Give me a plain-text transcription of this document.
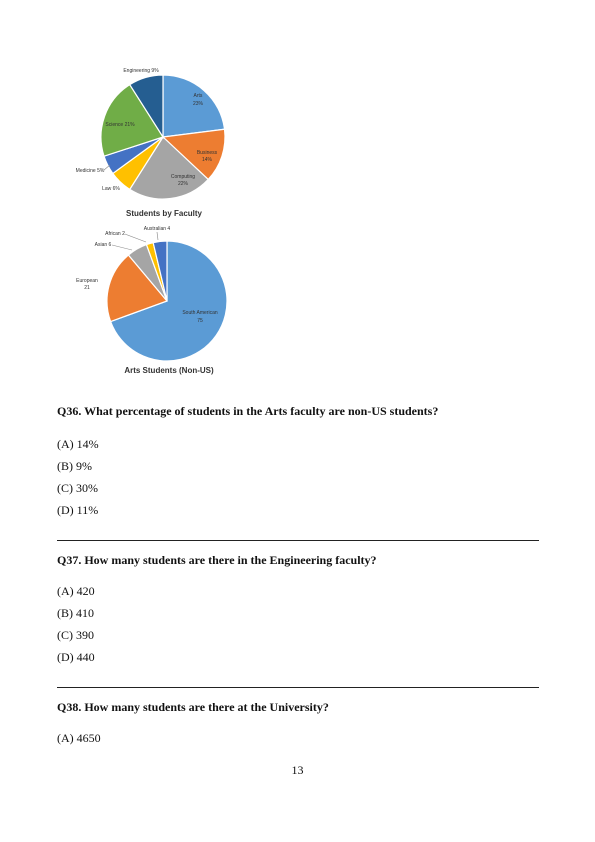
Arts
23%
Business
14%
Computing
22%
Law 6%
Medicine 5%
Science 21%
Engineering 9%
Students by Faculty
South American
75
European
21
Asian 6
African 2
Australian 4
Arts Students (Non-US)
Q36. What percentage of students in the Arts faculty are non-US students?
(A) 14%
(B) 9%
(C) 30%
(D) 11%
Q37. How many students are there in the Engineering faculty?
(A) 420
(B) 410
(C) 390
(D) 440
Q38. How many students are there at the University?
(A) 4650
13
